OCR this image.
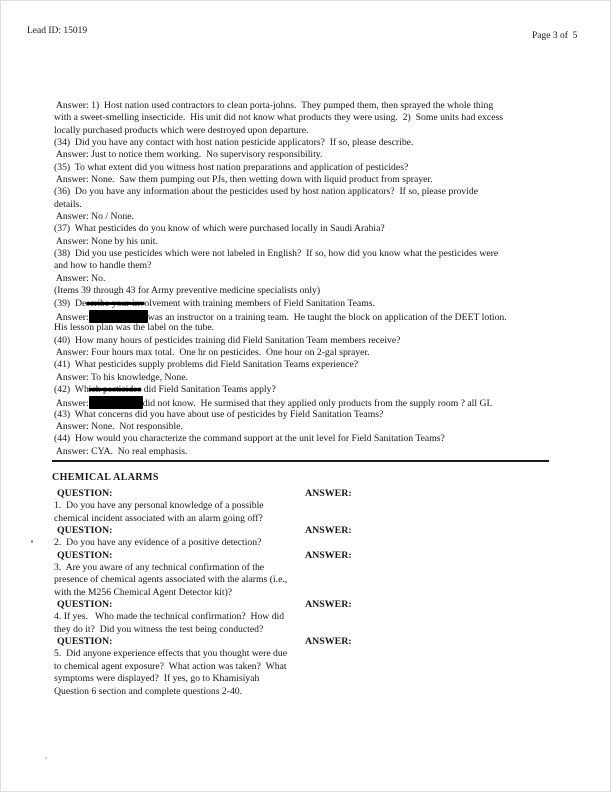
Lead ID: 15019	Page 3 of  5
Answer: 1)  Host nation used contractors to clean porta-johns.  They pumped them, then sprayed the whole thing
with a sweet-smelling insecticide.  His unit did not know what products they were using.  2)  Some units had excess
locally purchased products which were destroyed upon departure.
(34)  Did you have any contact with host nation pesticide applicators?  If so, please describe.
Answer: Just to notice them working.  No supervisory responsibility.
(35)  To what extent did you witness host nation preparations and application of pesticides?
Answer: None.  Saw them pumping out PJs, then wetting down with liquid product from sprayer.
(36)  Do you have any information about the pesticides used by host nation applicators?  If so, please provide
details.
Answer: No / None.
(37)  What pesticides do you know of which were purchased locally in Saudi Arabia?
Answer: None by his unit.
(38)  Did you use pesticides which were not labeled in English?  If so, how did you know what the pesticides were
and how to handle them?
Answer: No.
(Items 39 through 43 for Army preventive medicine specialists only)
(39)  Describe your involvement with training members of Field Sanitation Teams.
Answer:	was an instructor on a training team.  He taught the block on application of the DEET lotion.
His lesson plan was the label on the tube.
(40)  How many hours of pesticides training did Field Sanitation Team members receive?
Answer: Four hours max total.  One hr on pesticides.  One hour on 2-gal sprayer.
(41)  What pesticides supply problems did Field Sanitation Teams experience?
Answer: To his knowledge, None.
(42)  Which pesticides did Field Sanitation Teams apply?
Answer:	did not know.  He surmised that they applied only products from the supply room ? all GI.
(43)  What concerns did you have about use of pesticides by Field Sanitation Teams?
Answer: None.  Not responsible.
(44)  How would you characterize the command support at the unit level for Field Sanitation Teams?
Answer: CYA.  No real emphasis.
CHEMICAL ALARMS
QUESTION:	ANSWER:
1.  Do you have any personal knowledge of a possible
chemical incident associated with an alarm going off?
QUESTION:	ANSWER:
2.  Do you have any evidence of a positive detection?
QUESTION:	ANSWER:
3.  Are you aware of any technical confirmation of the
presence of chemical agents associated with the alarms (i.e.,
with the M256 Chemical Agent Detector kit)?
QUESTION:	ANSWER:
4. If yes.   Who made the technical confirmation?  How did
they do it?  Did you witness the test being conducted?
QUESTION:	ANSWER:
5.  Did anyone experience effects that you thought were due
to chemical agent exposure?  What action was taken?  What
symptoms were displayed?  If yes, go to Khamisiyah
Question 6 section and complete questions 2-40.
